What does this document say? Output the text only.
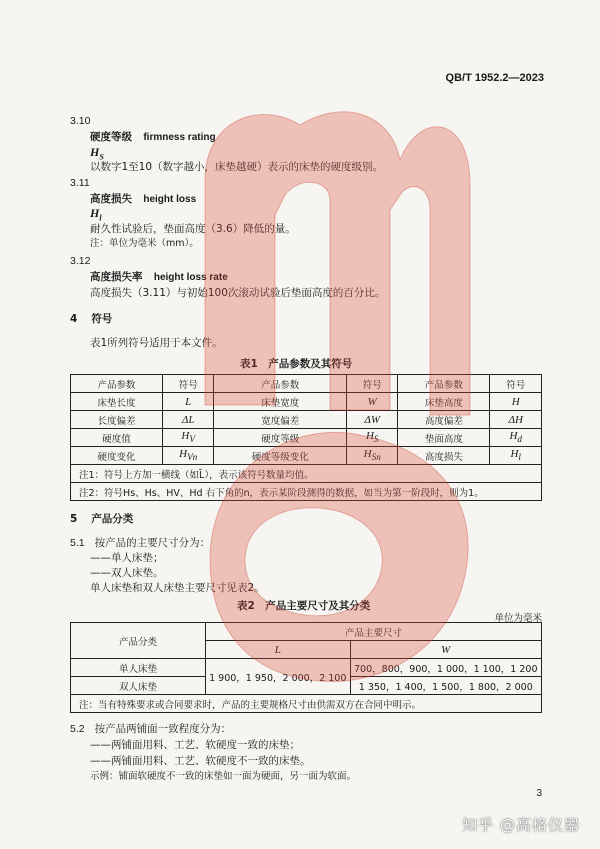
QB/T 1952.2—2023
3.10
硬度等级 firmness rating
$H_S$
以数字1至10（数字越小，床垫越硬）表示的床垫的硬度级别。
3.11
高度损失 height loss
$H_l$
耐久性试验后，垫面高度（3.6）降低的量。
注：单位为毫米（mm）。
3.12
高度损失率 height loss rate
高度损失（3.11）与初始100次滚动试验后垫面高度的百分比。
4 符号
表1所列符号适用于本文件。
表1　产品参数及其符号
产品参数	符号	产品参数	符号	产品参数	符号
床垫长度	L	床垫宽度	W	床垫高度	H
长度偏差	ΔL	宽度偏差	ΔW	高度偏差	ΔH
硬度值	$H_V$	硬度等级	$H_S$	垫面高度	$H_d$
硬度变化	$H_{Vn}$	硬度等级变化	$H_{Sn}$	高度损失	$H_l$
注1：符号上方加一横线（如L̄），表示该符号数量均值。					
注2：符号Hs、Hs、HV、Hd 右下角的n，表示某阶段测得的数据，如当为第一阶段时，则为1。					
5 产品分类
5.1 按产品的主要尺寸分为：
——单人床垫；
——双人床垫。
单人床垫和双人床垫主要尺寸见表2。
表2　产品主要尺寸及其分类
单位为毫米
产品分类	产品主要尺寸	
	L	W
单人床垫	1 900，1 950，2 000，2 100	700，800，900，1 000，1 100，1 200
双人床垫		1 350，1 400，1 500，1 800，2 000
注：当有特殊要求或合同要求时，产品的主要规格尺寸由供需双方在合同中明示。		
5.2 按产品两铺面一致程度分为：
——两铺面用料、工艺、软硬度一致的床垫；
——两铺面用料、工艺、软硬度不一致的床垫。
示例：铺面软硬度不一致的床垫如一面为硬面，另一面为软面。
3
知乎 @高格仪器
